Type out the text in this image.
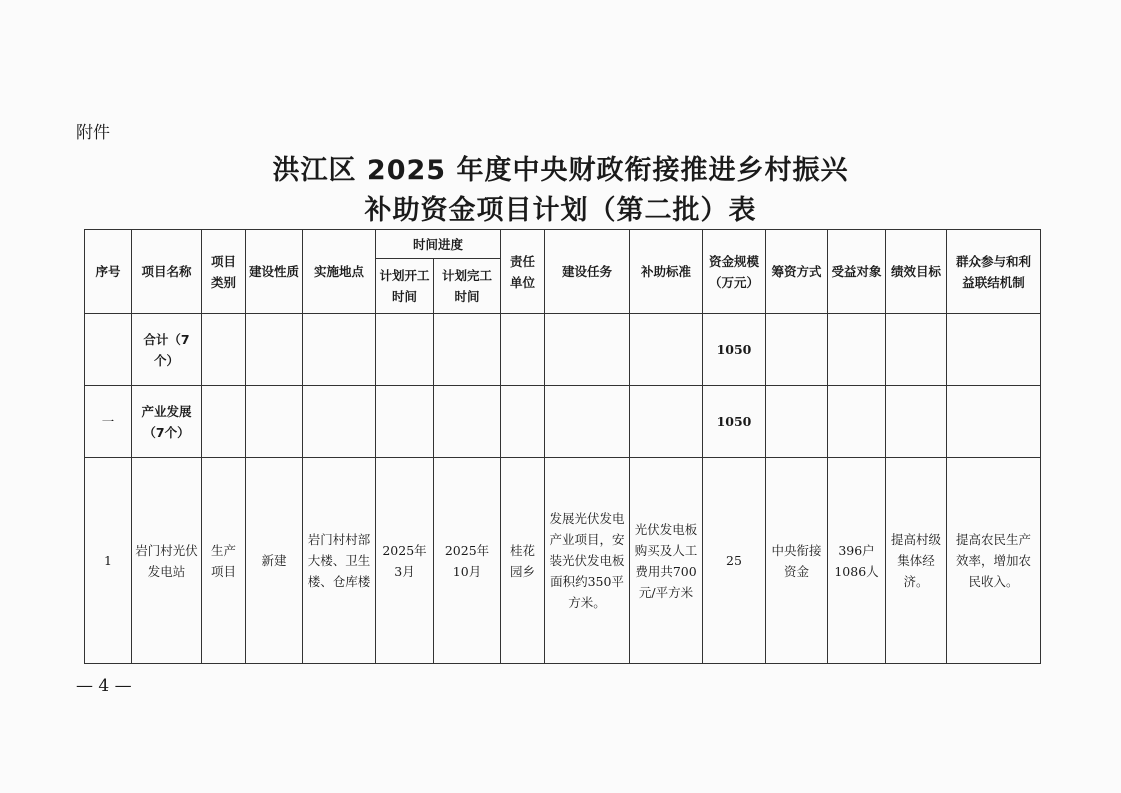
附件
洪江区 2025 年度中央财政衔接推进乡村振兴
补助资金项目计划（第二批）表
序号	项目名称	项目类别	建设性质	实施地点	时间进度		责任单位	建设任务	补助标准	资金规模（万元）	筹资方式	受益对象	绩效目标	群众参与和利益联结机制
					计划开工时间	计划完工时间								
	合计（7个）									1050				
一	产业发展（7个）									1050				
1	岩门村光伏发电站	生产项目	新建	岩门村村部大楼、卫生楼、仓库楼	2025年3月	2025年10月	桂花园乡	发展光伏发电产业项目，安装光伏发电板面积约350平方米。	光伏发电板购买及人工费用共700元/平方米	25	中央衔接资金	396户1086人	提高村级集体经济。	提高农民生产效率，增加农民收入。
— 4 —
